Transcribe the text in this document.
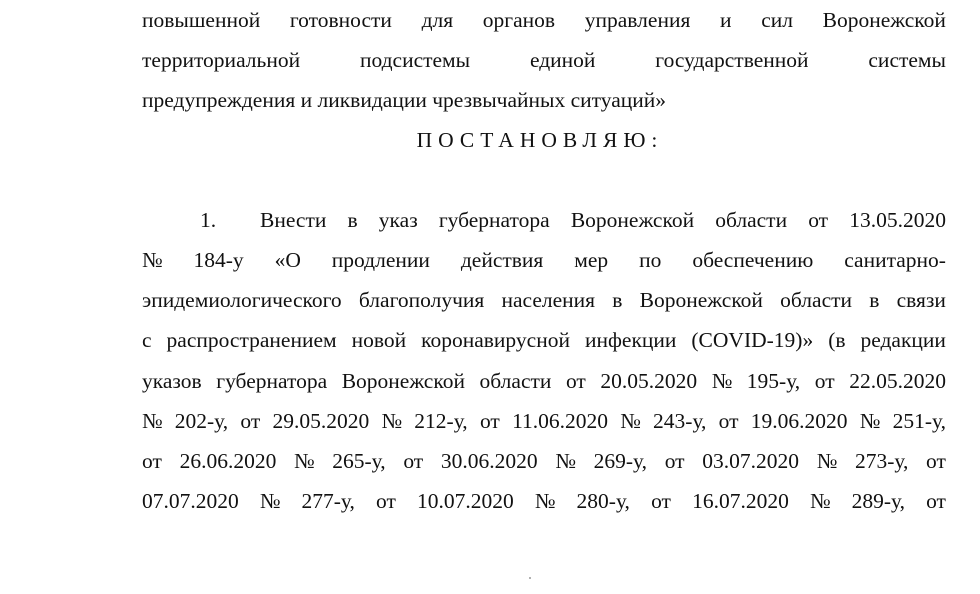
повышенной готовности для органов управления и сил Воронежской
территориальной	подсистемы	единой	государственной	системы
предупреждения и ликвидации чрезвычайных ситуаций»
ПОСТАНОВЛЯЮ:
1. Внести в указ губернатора Воронежской области от 13.05.2020
№ 184-у «О продлении действия мер по обеспечению санитарно-
эпидемиологического благополучия населения в Воронежской области в связи
с распространением новой коронавирусной инфекции (COVID-19)» (в редакции
указов губернатора Воронежской области от 20.05.2020 № 195-у, от 22.05.2020
№ 202-у, от 29.05.2020 № 212-у, от 11.06.2020 № 243-у, от 19.06.2020 № 251-у,
от 26.06.2020 № 265-у, от 30.06.2020 № 269-у, от 03.07.2020 № 273-у, от
07.07.2020 № 277-у, от 10.07.2020 № 280-у, от 16.07.2020 № 289-у, от
